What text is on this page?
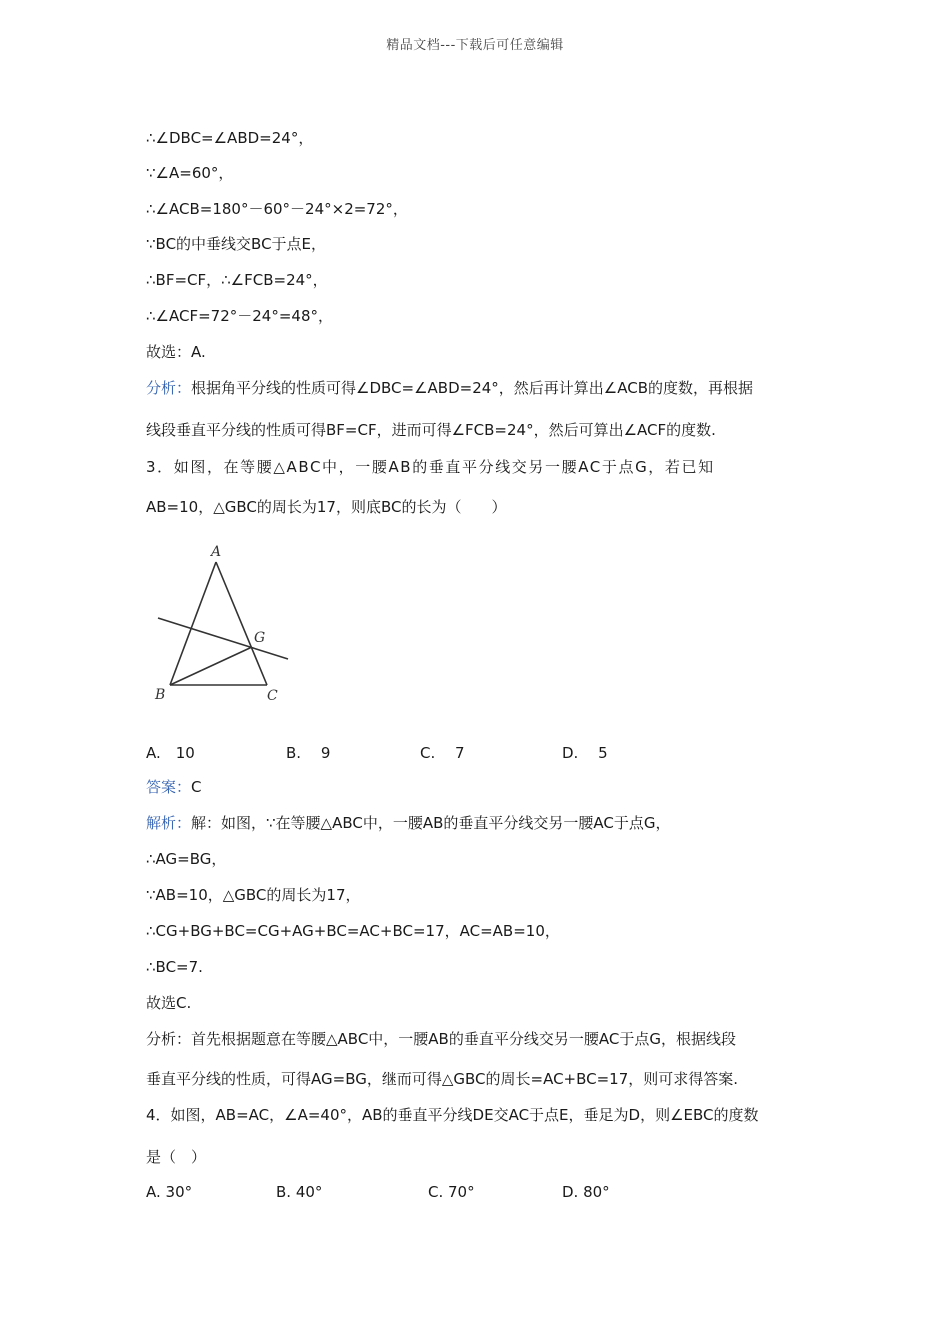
精品文档---下载后可任意编辑
∴∠DBC=∠ABD=24°，
∵∠A=60°，
∴∠ACB=180°－60°－24°×2=72°，
∵BC的中垂线交BC于点E，
∴BF=CF，∴∠FCB=24°，
∴∠ACF=72°－24°=48°，
故选：A.
分析：根据角平分线的性质可得∠DBC=∠ABD=24°，然后再计算出∠ACB的度数，再根据
线段垂直平分线的性质可得BF=CF，进而可得∠FCB=24°，然后可算出∠ACF的度数.
3．如图，在等腰△ABC中，一腰AB的垂直平分线交另一腰AC于点G，若已知
AB=10，△GBC的周长为17，则底BC的长为（　　）
A
B	C
G
A.　10	B.　 9	C.　 7	D.　 5
答案：C
解析：解：如图，∵在等腰△ABC中，一腰AB的垂直平分线交另一腰AC于点G，
∴AG=BG，
∵AB=10，△GBC的周长为17，
∴CG+BG+BC=CG+AG+BC=AC+BC=17，AC=AB=10，
∴BC=7.
故选C.
分析：首先根据题意在等腰△ABC中，一腰AB的垂直平分线交另一腰AC于点G，根据线段
垂直平分线的性质，可得AG=BG，继而可得△GBC的周长=AC+BC=17，则可求得答案.
4．如图，AB=AC，∠A=40°，AB的垂直平分线DE交AC于点E，垂足为D，则∠EBC的度数
是（　）
A. 30°	B. 40°	C. 70°	D. 80°
